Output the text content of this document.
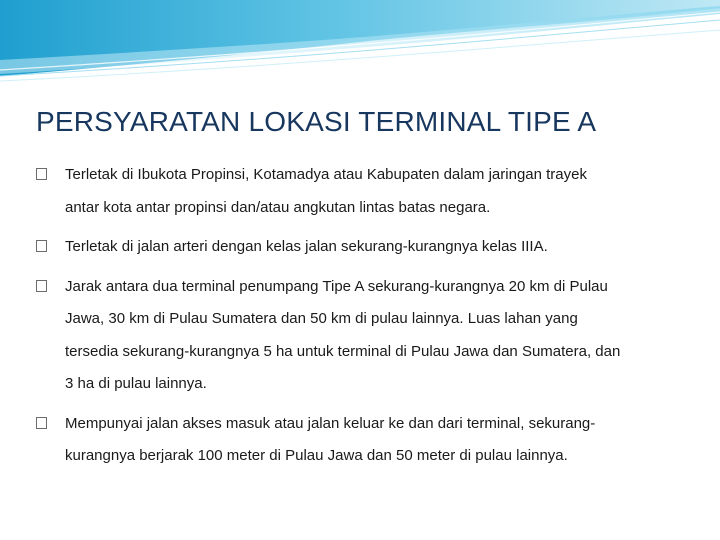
PERSYARATAN LOKASI TERMINAL TIPE A
Terletak di Ibukota Propinsi, Kotamadya atau Kabupaten dalam jaringan trayek
antar kota antar propinsi dan/atau angkutan lintas batas negara.
Terletak di jalan arteri dengan kelas jalan sekurang-kurangnya kelas IIIA.
Jarak antara dua terminal penumpang Tipe A sekurang-kurangnya 20 km di Pulau
Jawa, 30 km di Pulau Sumatera dan 50 km di pulau lainnya. Luas lahan yang
tersedia sekurang-kurangnya 5 ha untuk terminal di Pulau Jawa dan Sumatera, dan
3 ha di pulau lainnya.
Mempunyai jalan akses masuk atau jalan keluar ke dan dari terminal, sekurang-
kurangnya berjarak 100 meter di Pulau Jawa dan 50 meter di pulau lainnya.
